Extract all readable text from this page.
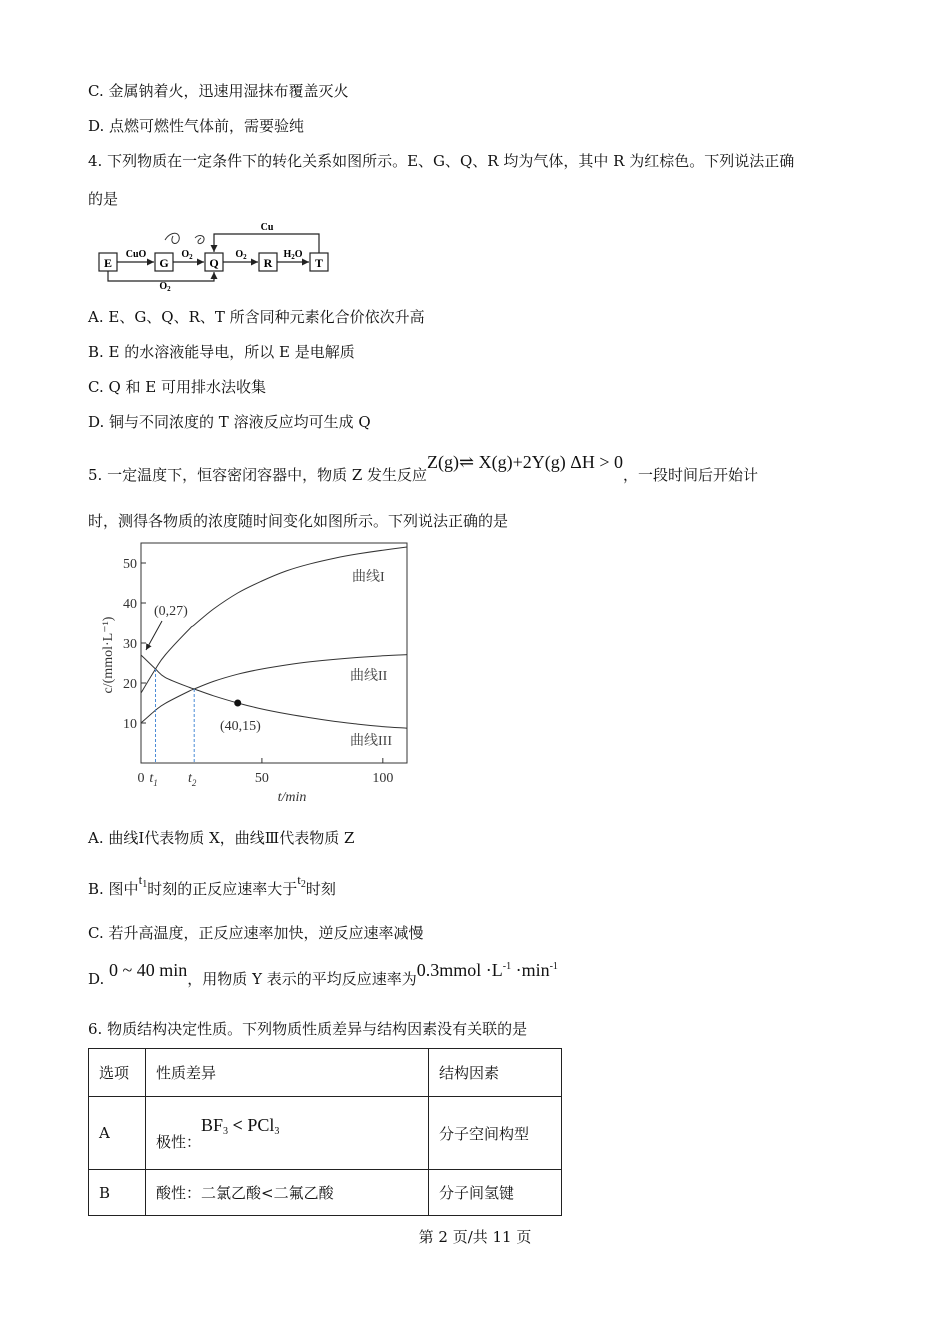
C. 金属钠着火，迅速用湿抹布覆盖灭火
D. 点燃可燃性气体前，需要验纯
4. 下列物质在一定条件下的转化关系如图所示。E、G、Q、R 均为气体，其中 R 为红棕色。下列说法正确
的是
E	G	Q	R	T
CuO	$O_2$	$O_2$	$H_2O$
Cu
$O_2$
A. E、G、Q、R、T 所含同种元素化合价依次升高
B. E 的水溶液能导电，所以 E 是电解质
C. Q 和 E 可用排水法收集
D. 铜与不同浓度的 T 溶液反应均可生成 Q
5. 一定温度下，恒容密闭容器中，物质 Z 发生反应Z(g)⇌ X(g)+2Y(g) ΔH > 0，一段时间后开始计
时，测得各物质的浓度随时间变化如图所示。下列说法正确的是
10
20
30
40
50
0	50	100
$t_1$ $t_2$
c/(mmol·L⁻¹)
t/min
曲线I
曲线II
曲线III
(0,27)
(40,15)
A. 曲线Ⅰ代表物质 X，曲线Ⅲ代表物质 Z
B. 图中$t_1$时刻的正反应速率大于$t_2$时刻
C. 若升高温度，正反应速率加快，逆反应速率减慢
D. 0 ~ 40 min，用物质 Y 表示的平均反应速率为0.3mmol $\cdot L^{-1} \cdot\min^{-1}$
6. 物质结构决定性质。下列物质性质差异与结构因素没有关联的是
选项	性质差异	结构因素
A	极性：$BF_3 < PCl_3$	分子空间构型
B	酸性：二氯乙酸<二氟乙酸	分子间氢键
第 2 页/共 11 页
